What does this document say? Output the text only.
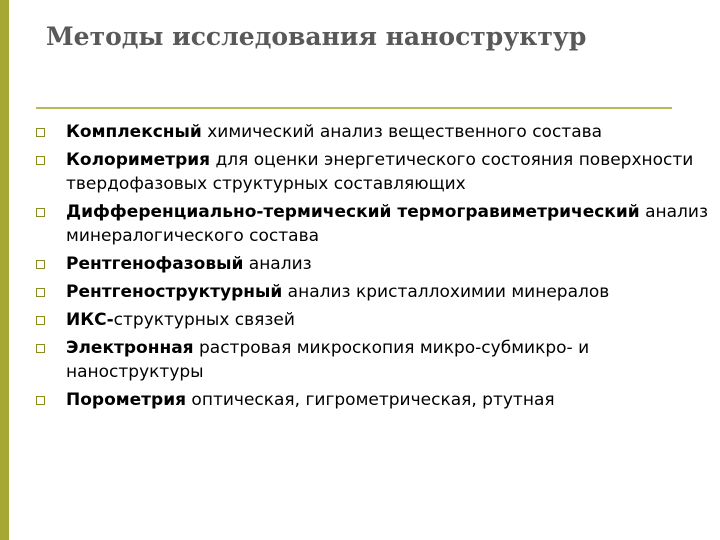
Методы исследования наноструктур
Комплексный химический анализ вещественного состава
Колориметрия для оценки энергетического состояния поверхности твердофазовых структурных составляющих
Дифференциально-термический термогравиметрический анализ минералогического состава
Рентгенофазовый анализ
Рентгеноструктурный анализ кристаллохимии минералов
ИКС-структурных связей
Электронная растровая микроскопия микро-субмикро- и наноструктуры
Порометрия оптическая, гигрометрическая, ртутная
